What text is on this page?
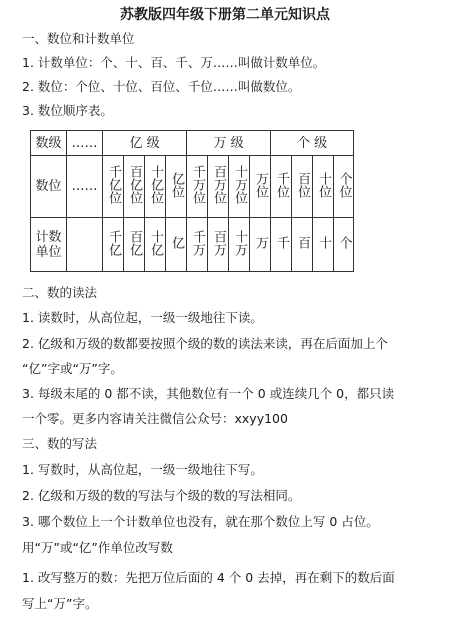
苏教版四年级下册第二单元知识点
一、数位和计数单位
1. 计数单位：个、十、百、千、万……叫做计数单位。
2. 数位：个位、十位、百位、千位……叫做数位。
3. 数位顺序表。
数级	……	亿 级				万 级				个 级			
数位	……	千亿位	百亿位	十亿位	亿位	千万位	百万位	十万位	万位	千位	百位	十位	个位
计数单位		千亿	百亿	十亿	亿	千万	百万	十万	万	千	百	十	个
二、数的读法
1. 读数时，从高位起，一级一级地往下读。
2. 亿级和万级的数都要按照个级的数的读法来读，再在后面加上个
“亿”字或“万”字。
3. 每级末尾的 0 都不读，其他数位有一个 0 或连续几个 0，都只读
一个零。更多内容请关注微信公众号：xxyy100
三、数的写法
1. 写数时，从高位起，一级一级地往下写。
2. 亿级和万级的数的写法与个级的数的写法相同。
3. 哪个数位上一个计数单位也没有，就在那个数位上写 0 占位。
用“万”或“亿”作单位改写数
1. 改写整万的数：先把万位后面的 4 个 0 去掉，再在剩下的数后面
写上“万”字。
